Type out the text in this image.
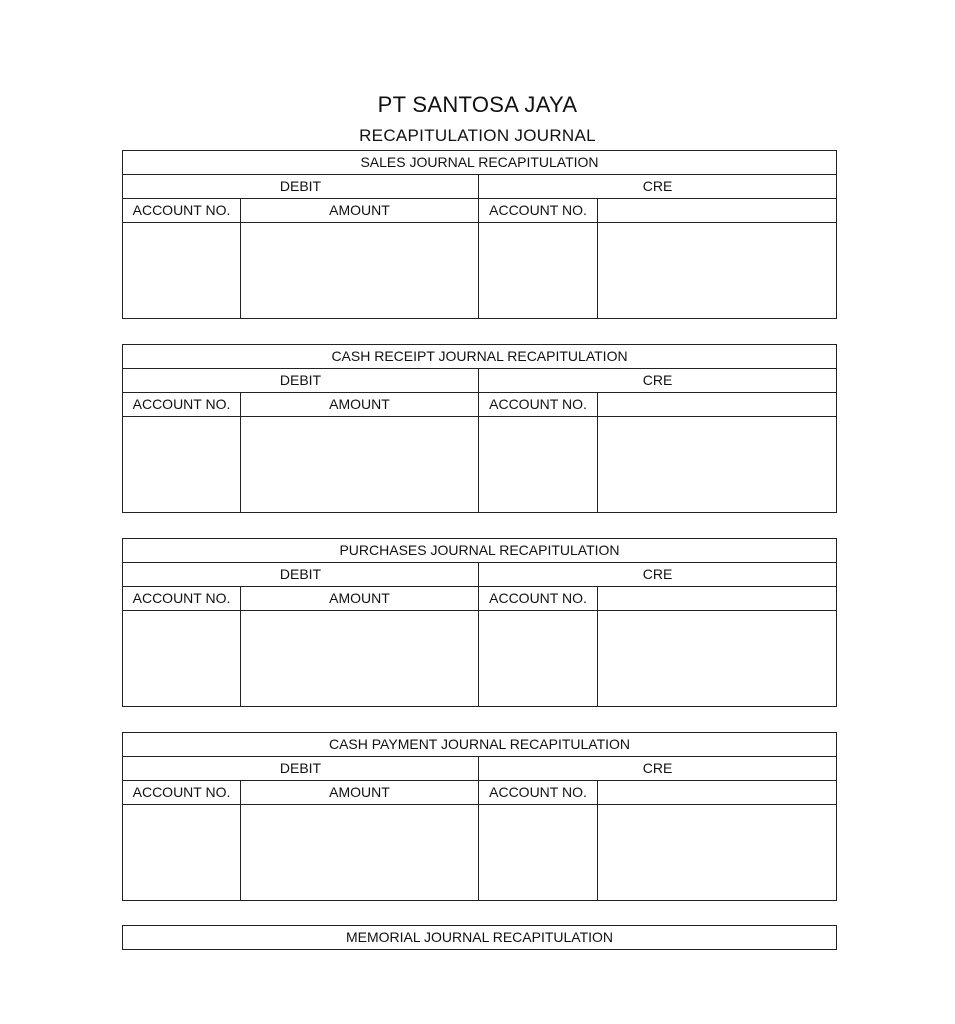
PT SANTOSA JAYA
RECAPITULATION JOURNAL
SALES JOURNAL RECAPITULATION			
DEBIT		CRE	
ACCOUNT NO.	AMOUNT	ACCOUNT NO.	

CASH RECEIPT JOURNAL RECAPITULATION			
DEBIT		CRE	
ACCOUNT NO.	AMOUNT	ACCOUNT NO.	

PURCHASES JOURNAL RECAPITULATION			
DEBIT		CRE	
ACCOUNT NO.	AMOUNT	ACCOUNT NO.	

CASH PAYMENT JOURNAL RECAPITULATION			
DEBIT		CRE	
ACCOUNT NO.	AMOUNT	ACCOUNT NO.	

MEMORIAL JOURNAL RECAPITULATION
